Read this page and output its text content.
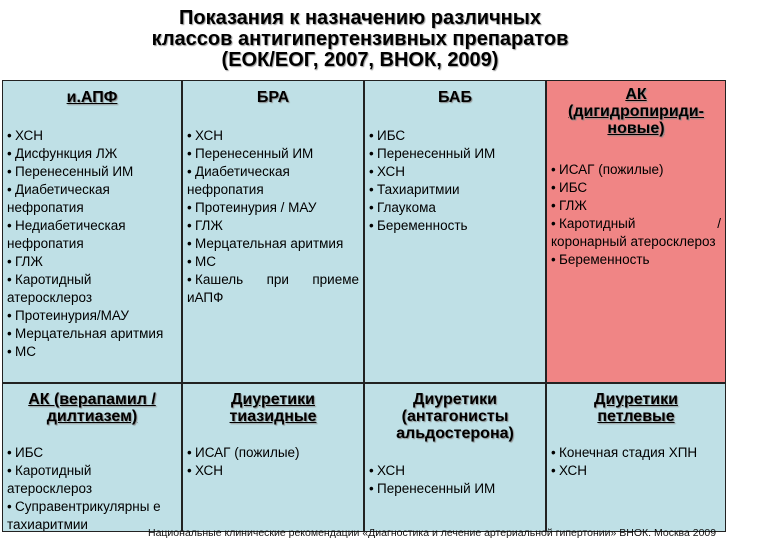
Показания к назначению различных
классов антигипертензивных препаратов
(ЕОК/ЕОГ, 2007, ВНОК, 2009)
и.АПФ
• ХСН
• Дисфункция ЛЖ
• Перенесенный ИМ
• Диабетическая нефропатия
• Недиабетическая нефропатия
• ГЛЖ
• Каротидный атеросклероз
• Протеинурия/МАУ
• Мерцательная аритмия
• МС
БРА
• ХСН
• Перенесенный ИМ
• Диабетическая нефропатия
• Протеинурия / МАУ
• ГЛЖ
• Мерцательная аритмия
• МС
• Кашель при приеме иАПФ
БАБ
• ИБС
• Перенесенный ИМ
• ХСН
• Тахиаритмии
• Глаукома
• Беременность
АК
(дигидропириди-
новые)
• ИСАГ (пожилые)
• ИБС
• ГЛЖ
• Каротидный / коронарный атеросклероз
• Беременность
АК (верапамил /
дилтиазем)
• ИБС
• Каротидный атеросклероз
• Суправентрикулярны е тахиаритмии
Диуретики
тиазидные
• ИСАГ (пожилые)
• ХСН
Диуретики
(антагонисты
альдостерона)
• ХСН
• Перенесенный ИМ
Диуретики
петлевые
• Конечная стадия ХПН
• ХСН
Национальные клинические рекомендации «Диагностика и лечение артериальной гипертонии» ВНОК. Москва 2009
